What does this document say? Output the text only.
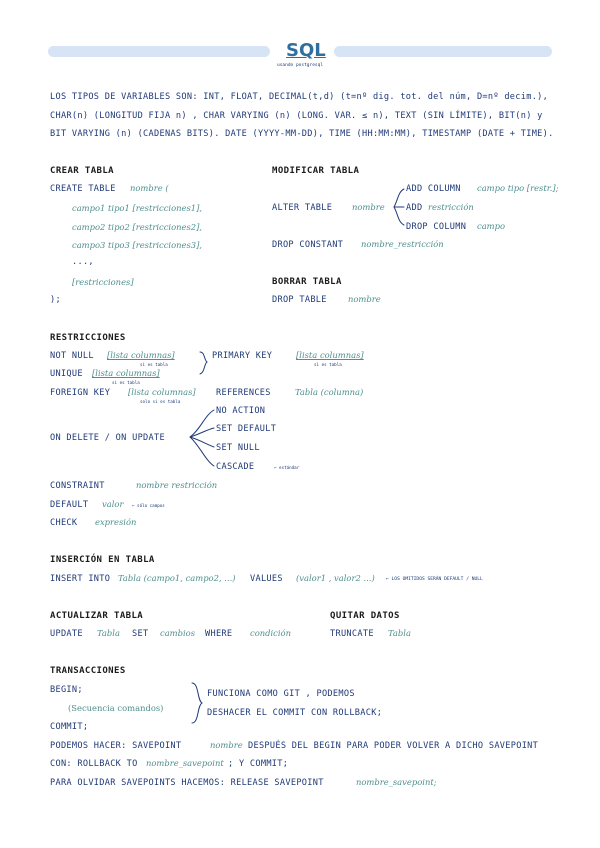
SQL
usando postgresql
LOS TIPOS DE VARIABLES SON: INT, FLOAT, DECIMAL(t,d) (t=nº dig. tot. del núm, D=nº decim.),
CHAR(n) (LONGITUD FIJA n) , CHAR VARYING (n) (LONG. VAR. ≤ n), TEXT (SIN LÍMITE), BIT(n) y
BIT VARYING (n) (CADENAS BITS). DATE (YYYY-MM-DD), TIME (HH:MM:MM), TIMESTAMP (DATE + TIME).
CREAR TABLA
CREATE TABLE nombre (
campo1 tipo1 [restricciones1],
campo2 tipo2 [restricciones2],
campo3 tipo3 [restricciones3],
...,
[restricciones]
);
MODIFICAR TABLA
ADD COLUMN campo tipo [restr.];
ALTER TABLE nombre ADD restricción
DROP COLUMN campo
DROP CONSTANT nombre_restricción
BORRAR TABLA
DROP TABLE	nombre
RESTRICCIONES
NOT NULL [lista columnas]
si es tabla
UNIQUE [lista columnas]
si es tabla
PRIMARY KEY	[lista columnas]
si es tabla
FOREIGN KEY [lista columnas]
solo si es tabla
REFERENCES	Tabla (columna)
ON DELETE / ON UPDATE
NO ACTION
SET DEFAULT
SET NULL
CASCADE	← estándar
CONSTRAINT	nombre restricción
DEFAULT valor ← sólo campos
CHECK expresión
INSERCIÓN EN TABLA
INSERT INTO Tabla (campo1, campo2, ...) VALUES (valor1 , valor2 ...) ← LOS OMITIDOS SERÁN DEFAULT / NULL
ACTUALIZAR TABLA
UPDATE Tabla SET cambios WHERE condición
QUITAR DATOS
TRUNCATE Tabla
TRANSACCIONES
BEGIN;
(Secuencia comandos)
COMMIT;
FUNCIONA COMO GIT , PODEMOS
DESHACER EL COMMIT CON ROLLBACK;
PODEMOS HACER: SAVEPOINT	nombre DESPUÉS DEL BEGIN PARA PODER VOLVER A DICHO SAVEPOINT
CON: ROLLBACK TO nombre_savepoint ; Y COMMIT;
PARA OLVIDAR SAVEPOINTS HACEMOS: RELEASE SAVEPOINT	nombre_savepoint;
